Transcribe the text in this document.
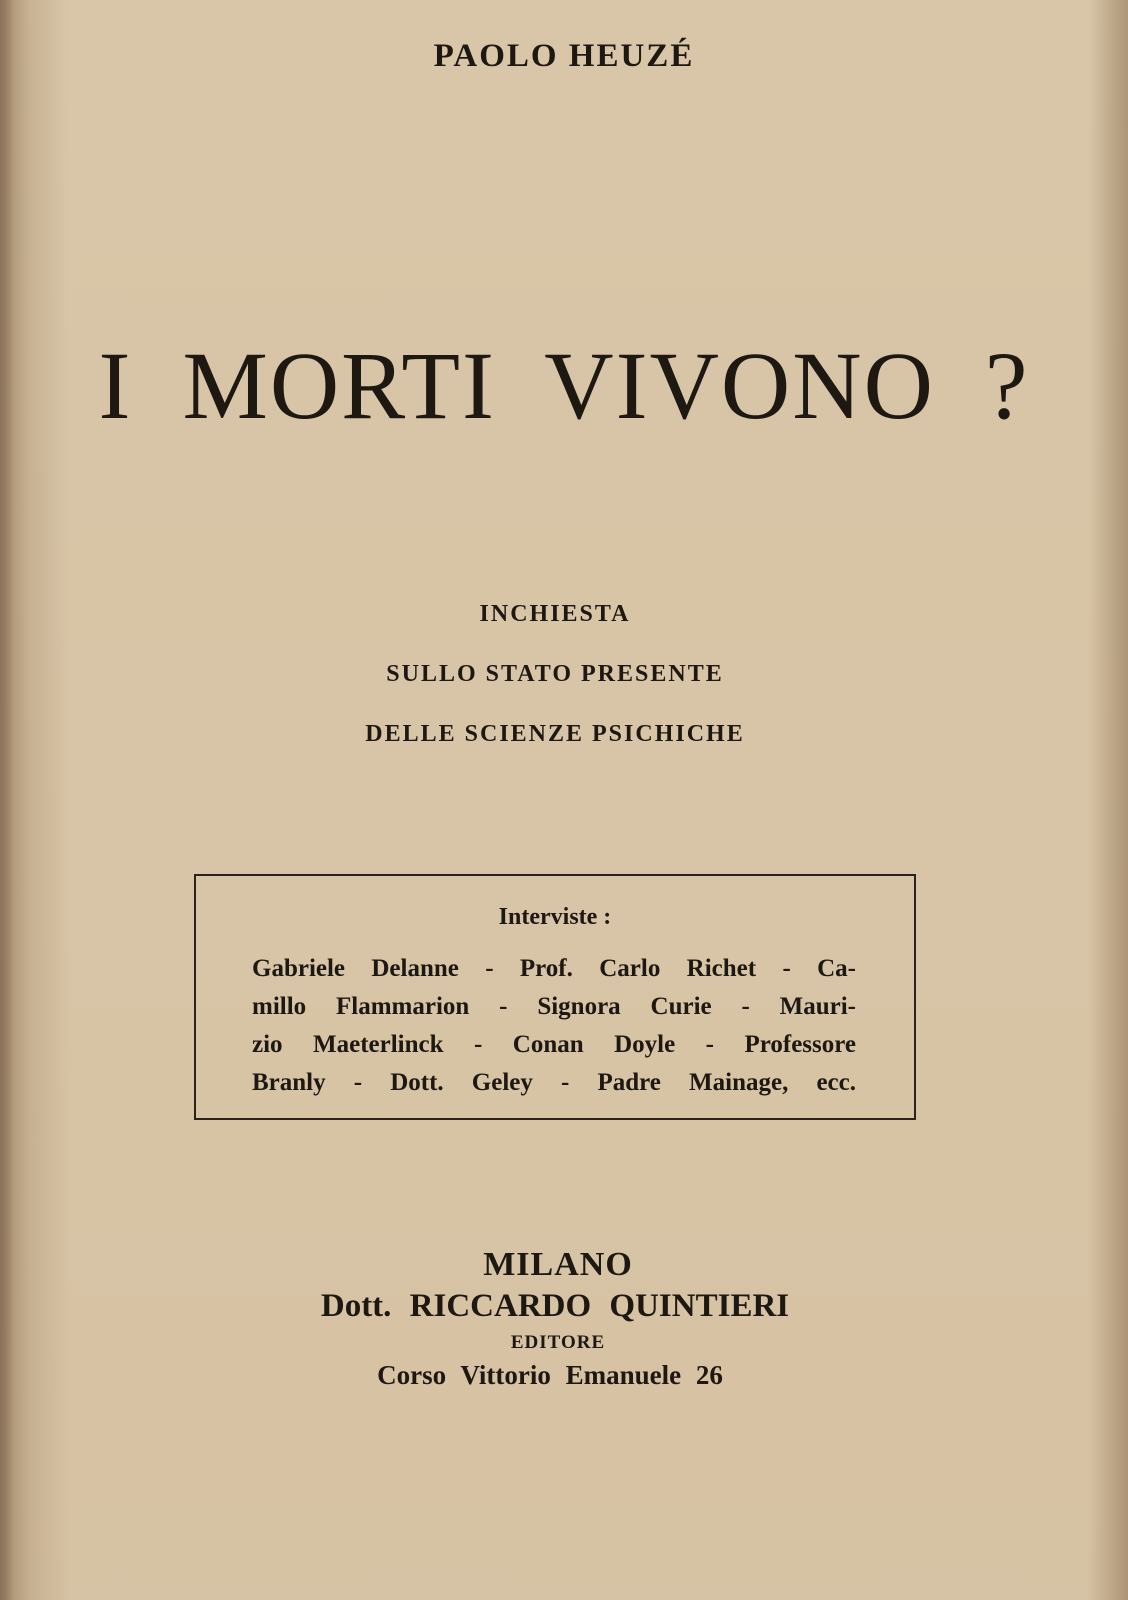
PAOLO HEUZÉ
I MORTI VIVONO ?
INCHIESTA
SULLO STATO PRESENTE
DELLE SCIENZE PSICHICHE
Interviste :
Gabriele Delanne - Prof. Carlo Richet - Ca-
millo Flammarion - Signora Curie - Mauri-
zio Maeterlinck - Conan Doyle - Professore
Branly - Dott. Geley - Padre Mainage, ecc.
MILANO
Dott. RICCARDO QUINTIERI
EDITORE
Corso Vittorio Emanuele 26
